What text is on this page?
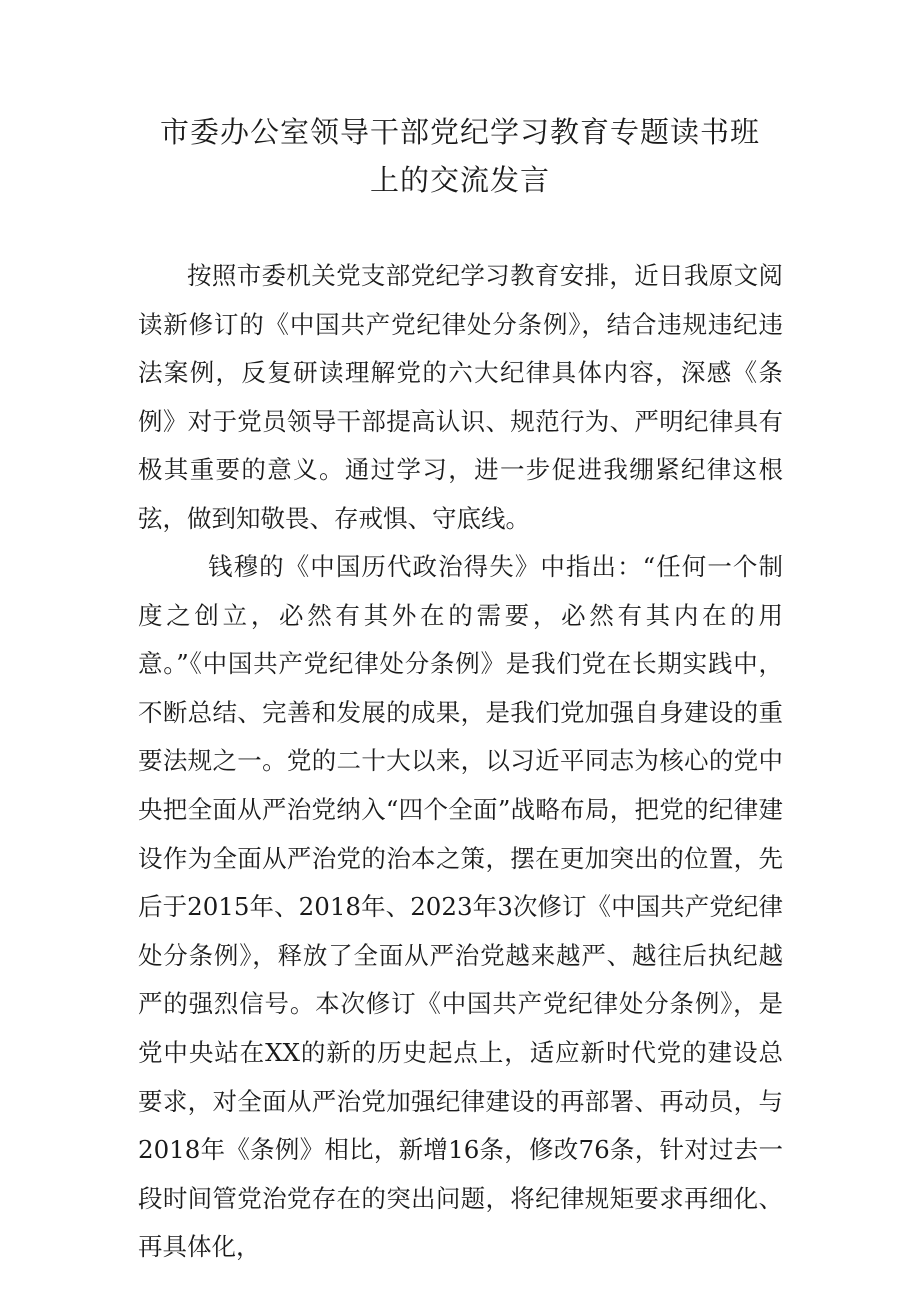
市委办公室领导干部党纪学习教育专题读书班
上的交流发言

按照市委机关党支部党纪学习教育安排，近日我原文阅读新修订的《中国共产党纪律处分条例》，结合违规违纪违法案例，反复研读理解党的六大纪律具体内容，深感《条例》对于党员领导干部提高认识、规范行为、严明纪律具有极其重要的意义。通过学习，进一步促进我绷紧纪律这根弦，做到知敬畏、存戒惧、守底线。

钱穆的《中国历代政治得失》中指出：“任何一个制度之创立，必然有其外在的需要，必然有其内在的用意。”《中国共产党纪律处分条例》是我们党在长期实践中，不断总结、完善和发展的成果，是我们党加强自身建设的重要法规之一。党的二十大以来，以习近平同志为核心的党中央把全面从严治党纳入“四个全面”战略布局，把党的纪律建设作为全面从严治党的治本之策，摆在更加突出的位置，先后于2015年、2018年、2023年3次修订《中国共产党纪律处分条例》，释放了全面从严治党越来越严、越往后执纪越严的强烈信号。本次修订《中国共产党纪律处分条例》，是党中央站在XX的新的历史起点上，适应新时代党的建设总要求，对全面从严治党加强纪律建设的再部署、再动员，与2018年《条例》相比，新增16条，修改76条，针对过去一段时间管党治党存在的突出问题，将纪律规矩要求再细化、再具体化，
